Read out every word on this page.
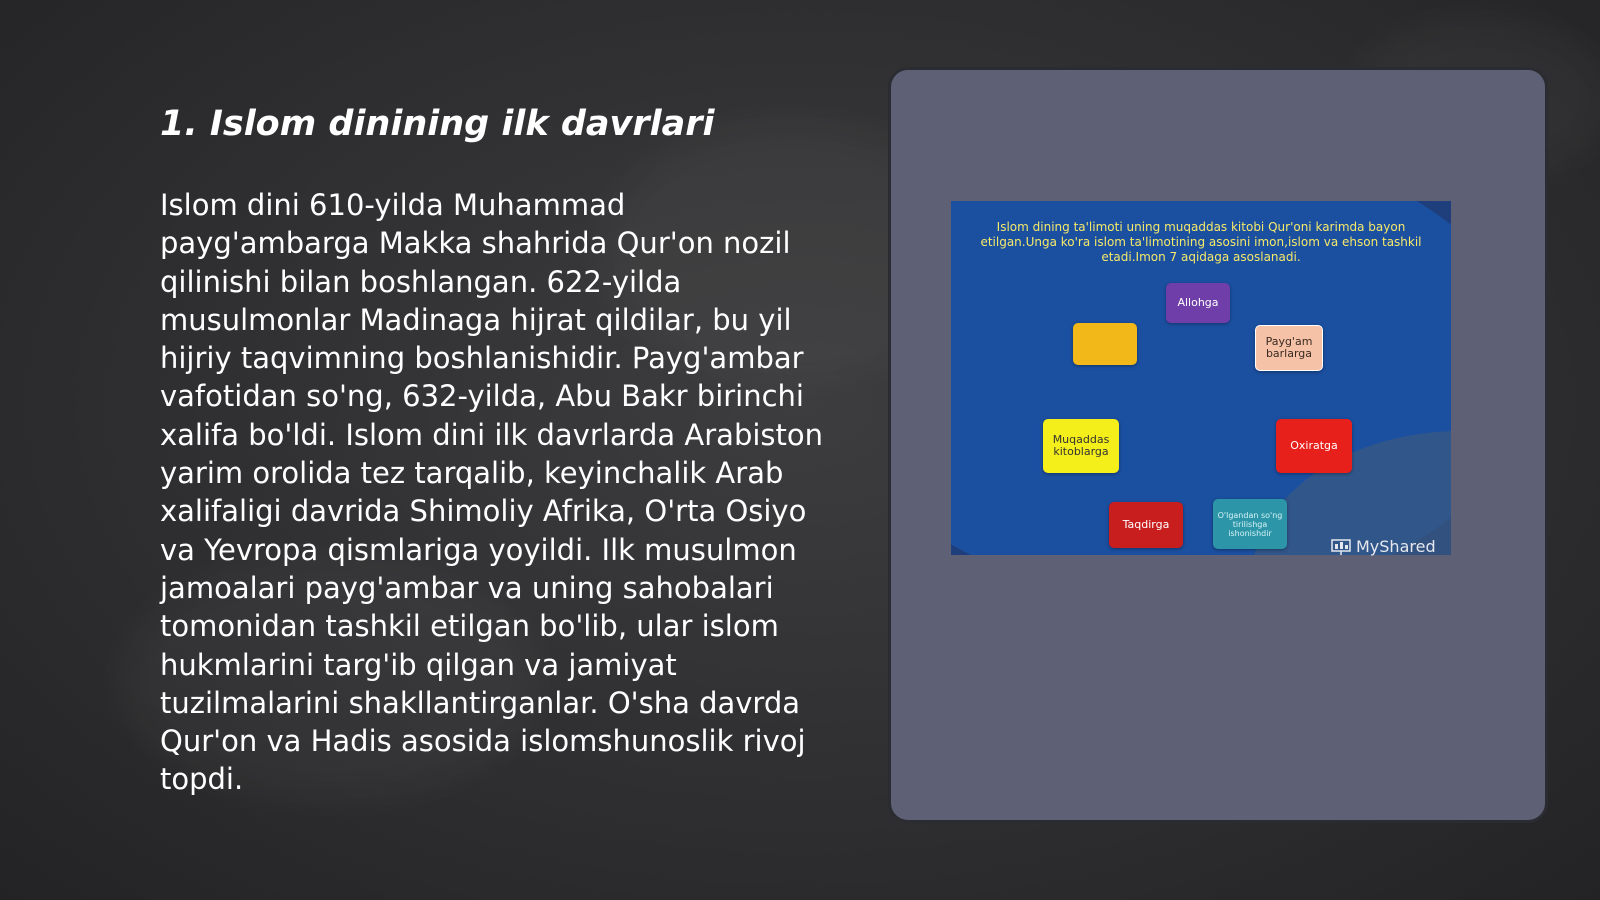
1. Islom dinining ilk davrlari

Islom dini 610-yilda Muhammad payg'ambarga Makka shahrida Qur'on nozil qilinishi bilan boshlangan. 622-yilda musulmonlar Madinaga hijrat qildilar, bu yil hijriy taqvimning boshlanishidir. Payg'ambar vafotidan so'ng, 632-yilda, Abu Bakr birinchi xalifa bo'ldi. Islom dini ilk davrlarda Arabiston yarim orolida tez tarqalib, keyinchalik Arab xalifaligi davrida Shimoliy Afrika, O'rta Osiyo va Yevropa qismlariga yoyildi. Ilk musulmon jamoalari payg'ambar va uning sahobalari tomonidan tashkil etilgan bo'lib, ular islom hukmlarini targ'ib qilgan va jamiyat tuzilmalarini shakllantirganlar. O'sha davrda Qur'on va Hadis asosida islomshunoslik rivoj topdi.

Islom dining ta'limoti uning muqaddas kitobi Qur'oni karimda bayon etilgan.Unga ko'ra islom ta'limotining asosini imon,islom va ehson tashkil etadi.Imon 7 aqidaga asoslanadi.

Allohga
Payg'am barlarga
Muqaddas kitoblarga	Oxiratga
Taqdirga
O'lgandan so'ng tirilishga ishonishdir
MyShared
